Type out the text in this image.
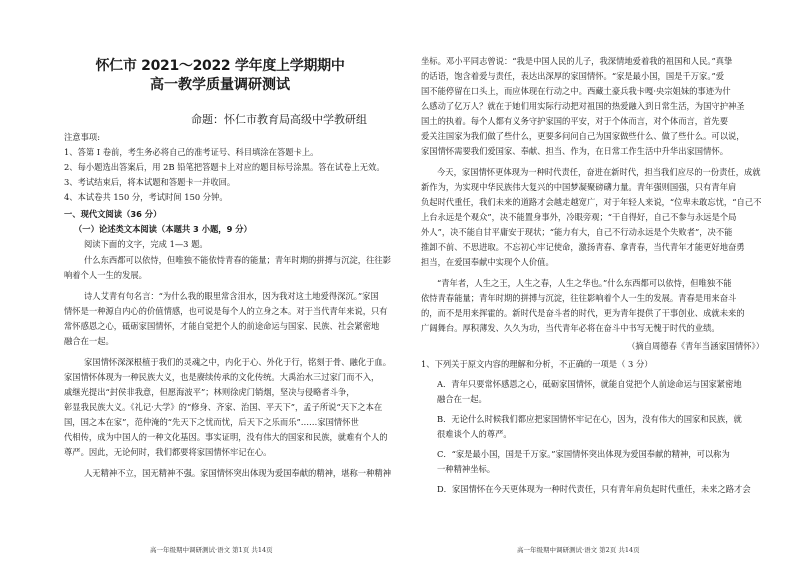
怀仁市 2021～2022 学年度上学期期中
高一教学质量调研测试
命题：怀仁市教育局高级中学教研组
注意事项:
1、答第 I 卷前，考生务必将自己的准考证号、科目填涂在答题卡上。
2、每小题选出答案后，用 2B 铅笔把答题卡上对应的题目标号涂黑。答在试卷上无效。
3、考试结束后，将本试题和答题卡一并收回。
4、本试卷共 150 分，考试时间 150 分钟。
一、现代文阅读（36 分）
（一）论述类文本阅读（本题共 3 小题，9 分）
阅读下面的文字，完成 1—3 题。
什么东西都可以依恃，但唯独不能依恃青春的能量；青年时期的拼搏与沉淀，往往影
响着个人一生的发展。
诗人艾青有句名言：“为什么我的眼里常含泪水，因为我对这土地爱得深沉。”家国
情怀是一种源自内心的价值情感，也可说是每个人的立身之本。对于当代青年来说，只有
常怀感恩之心，砥砺家国情怀，才能自觉把个人的前途命运与国家、民族、社会紧密地
融合在一起。
家国情怀深深根植于我们的灵魂之中，内化于心、外化于行，铭刻于骨、融化于血。
家国情怀体现为一种民族大义，也是赓续传承的文化传统。大禹治水三过家门而不入，
戚继光提出“封侯非我意，但愿海波平”；林则徐虎门销烟，坚决与侵略者斗争，
彰显我民族大义。《礼记·大学》的“修身、齐家、治国、平天下”，孟子所说“天下之本在
国，国之本在家”，范仲淹的“先天下之忧而忧，后天下之乐而乐”……家国情怀世
代相传，成为中国人的一种文化基因。事实证明，没有伟大的国家和民族，就难有个人的
尊严。因此，无论何时，我们都要将家国情怀牢记在心。
人无精神不立，国无精神不强。家国情怀突出体现为爱国奉献的精神，堪称一种精神
高一年级期中调研测试·语文 第1页 共14页
坐标。邓小平同志曾说：“我是中国人民的儿子，我深情地爱着我的祖国和人民。”真挚
的话语，饱含着爱与责任，表达出深厚的家国情怀。“家是最小国，国是千万家。”爱
国不能停留在口头上，而应体现在行动之中。西藏土豪兵我卡嘎·央宗姐妹的事迹为什
么感动了亿万人？就在于她们用实际行动把对祖国的热爱融入到日常生活，为国守护神圣
国土的执着。每个人都有义务守护家国的平安，对于个体而言，对个体而言，首先要
爱关注国家为我们做了些什么，更要多问问自己为国家做些什么、做了些什么。可以说，
家国情怀需要我们爱国家、奉献、担当、作为，在日常工作生活中升华出家国情怀。
今天，家国情怀更体现为一种时代责任，奋进在新时代，担当我们应尽的一份责任，成就
新作为，为实现中华民族伟大复兴的中国梦凝聚磅礴力量。青年强则国强，只有青年肩
负起时代重任，我们未来的道路才会越走越宽广，对于年轻人来说，“位卑未敢忘忧，“自己不
上台永远是个观众”，决不能置身事外，冷眼旁观；“干自得好，自己不参与永远是个局
外人”，决不能自甘平庸安于现状；“能力有大，自己不行动永远是个失败者”，决不能
推卸不前、不思进取。不忘初心牢记使命，激扬青春、拿青春，当代青年才能更好地奋勇
担当，在爱国奉献中实现个人价值。
“青年者，人生之王，人生之春，人生之华也。”什么东西都可以依恃，但唯独不能
依恃青春能量；青年时期的拼搏与沉淀，往往影响着个人一生的发展。青春是用来奋斗
的，而不是用来挥霍的。新时代是奋斗者的时代，更为青年提供了干事创业、成就未来的
广阔舞台。厚积薄发、久久为功，当代青年必将在奋斗中书写无愧于时代的业绩。
（摘自周德春《青年当涵家国情怀》）
1、下列关于原文内容的理解和分析，不正确的一项是（ 3 分）
A．青年只要常怀感恩之心，砥砺家国情怀，就能自觉把个人前途命运与国家紧密地
融合在一起。
B．无论什么时候我们都应把家国情怀牢记在心，因为，没有伟大的国家和民族，就
很难谈个人的尊严。
C．“家是最小国，国是千万家。”家国情怀突出体现为爱国奉献的精神，可以称为
一种精神坐标。
D．家国情怀在今天更体现为一种时代责任，只有青年肩负起时代重任，未来之路才会
高一年级期中调研测试·语文 第2页 共14页
